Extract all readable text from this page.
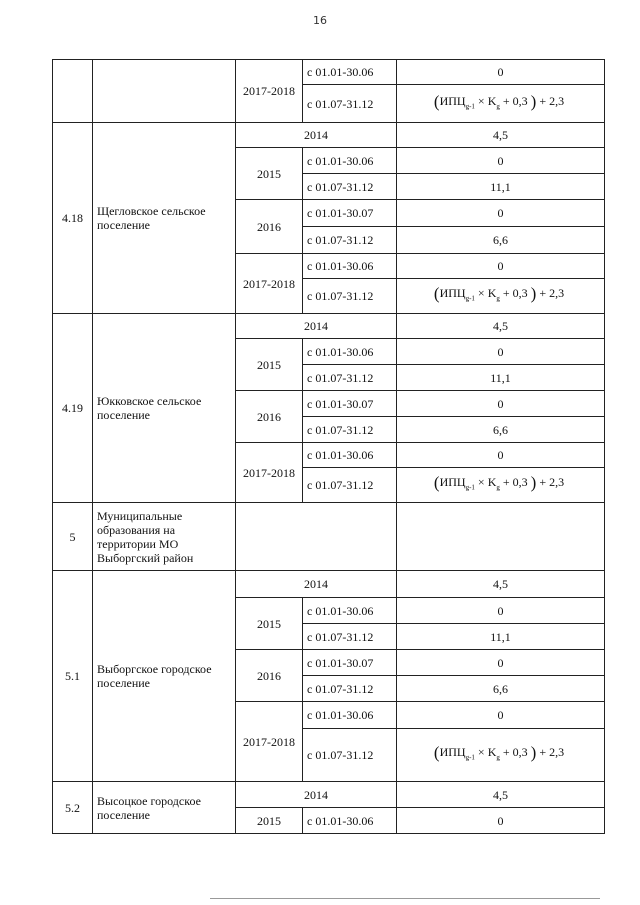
16
		2017-2018	с 01.01-30.06	0
			с 01.07-31.12	($ИПЦ_{g-1} \times K_g + 0,3$ ) + 2,3
4.18	Щегловское сельское поселение	2014		4,5
		2015	с 01.01-30.06	0
			с 01.07-31.12	11,1
		2016	с 01.01-30.07	0
			с 01.07-31.12	6,6
		2017-2018	с 01.01-30.06	0
			с 01.07-31.12	($ИПЦ_{g-1} \times K_g + 0,3$ ) + 2,3
4.19	Юкковское сельское поселение	2014		4,5
		2015	с 01.01-30.06	0
			с 01.07-31.12	11,1
		2016	с 01.01-30.07	0
			с 01.07-31.12	6,6
		2017-2018	с 01.01-30.06	0
			с 01.07-31.12	($ИПЦ_{g-1} \times K_g + 0,3$ ) + 2,3
5	Муниципальные образования на территории МО Выборгский район			
5.1	Выборгское городское поселение	2014		4,5
		2015	с 01.01-30.06	0
			с 01.07-31.12	11,1
		2016	с 01.01-30.07	0
			с 01.07-31.12	6,6
		2017-2018	с 01.01-30.06	0
			с 01.07-31.12	($ИПЦ_{g-1} \times K_g + 0,3$ ) + 2,3
5.2	Высоцкое городское поселение	2014		4,5
		2015	с 01.01-30.06	0
